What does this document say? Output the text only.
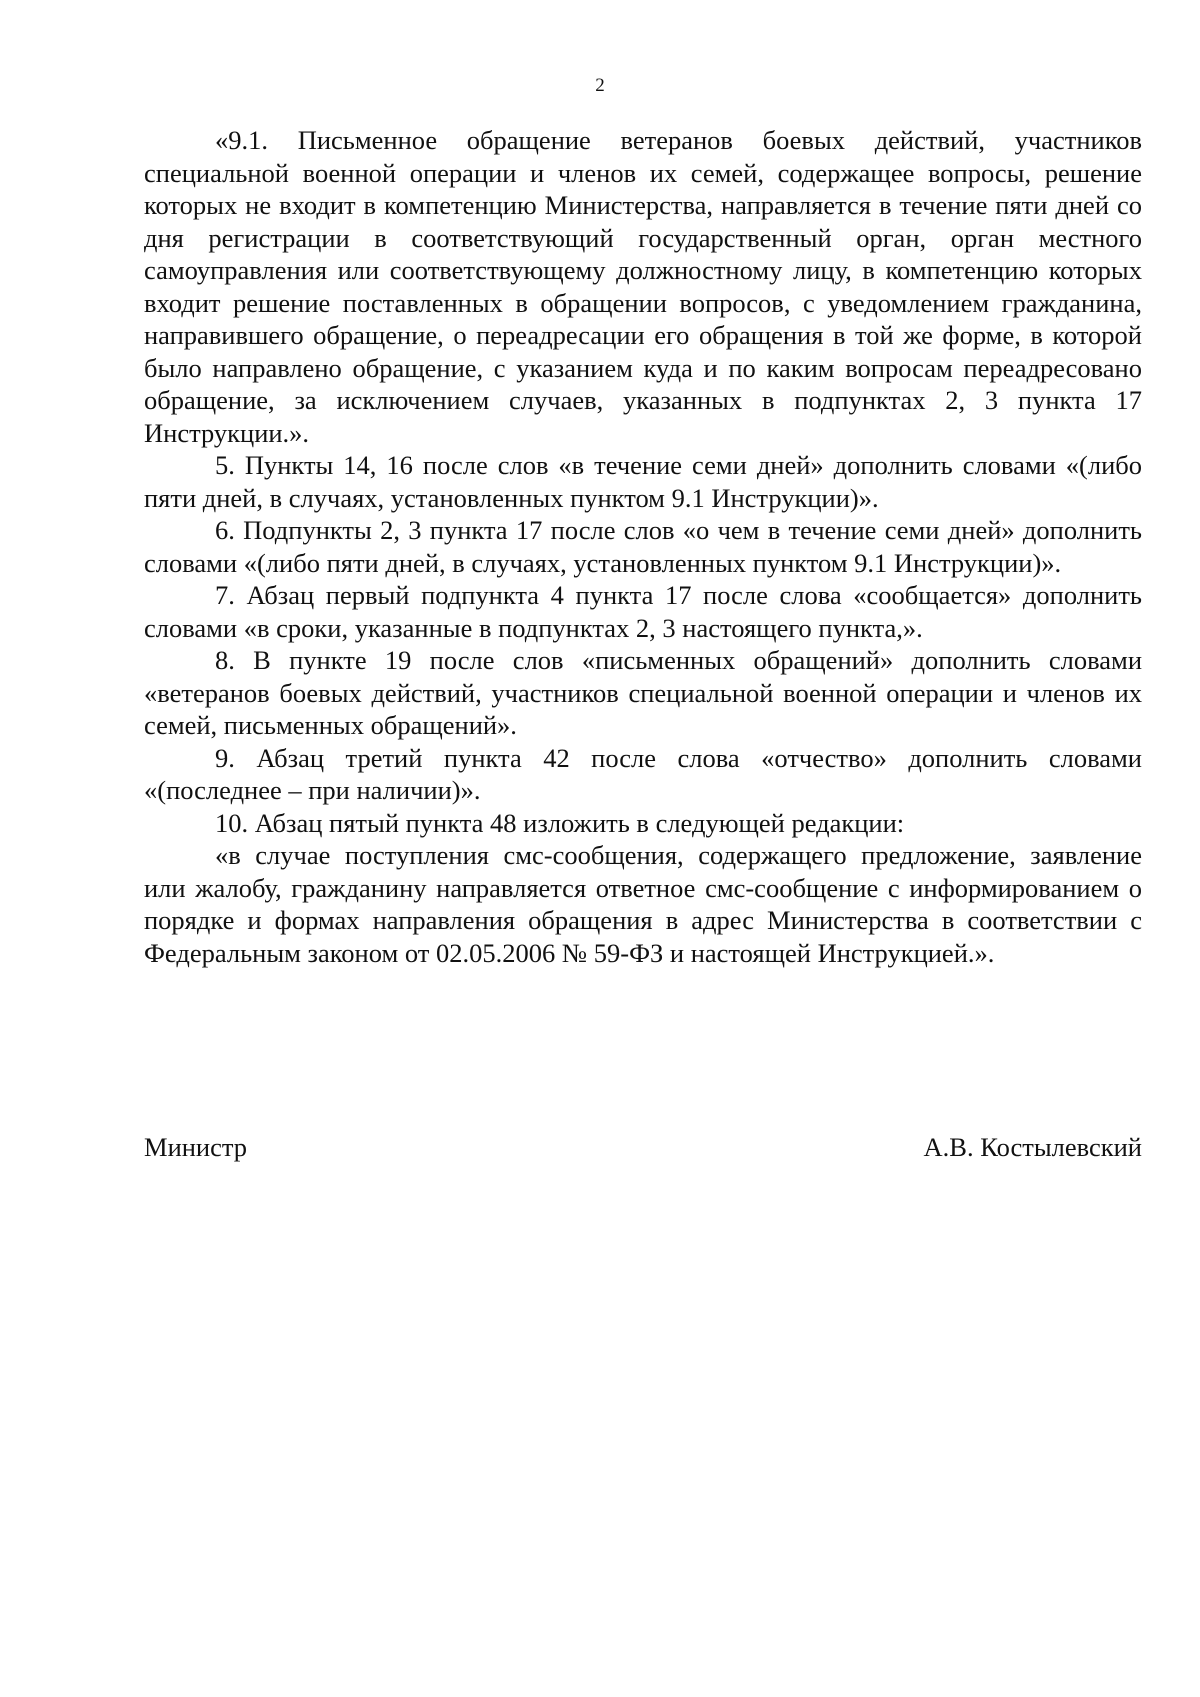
2

«9.1. Письменное обращение ветеранов боевых действий, участников специальной военной операции и членов их семей, содержащее вопросы, решение которых не входит в компетенцию Министерства, направляется в течение пяти дней со дня регистрации в соответствующий государственный орган, орган местного самоуправления или соответствующему должностному лицу, в компетенцию которых входит решение поставленных в обращении вопросов, с уведомлением гражданина, направившего обращение, о переадресации его обращения в той же форме, в которой было направлено обращение, с указанием куда и по каким вопросам переадресовано обращение, за исключением случаев, указанных в подпунктах 2, 3 пункта 17 Инструкции.».

5. Пункты 14, 16 после слов «в течение семи дней» дополнить словами «(либо пяти дней, в случаях, установленных пунктом 9.1 Инструкции)».

6. Подпункты 2, 3 пункта 17 после слов «о чем в течение семи дней» дополнить словами «(либо пяти дней, в случаях, установленных пунктом 9.1 Инструкции)».

7. Абзац первый подпункта 4 пункта 17 после слова «сообщается» дополнить словами «в сроки, указанные в подпунктах 2, 3 настоящего пункта,».

8. В пункте 19 после слов «письменных обращений» дополнить словами «ветеранов боевых действий, участников специальной военной операции и членов их семей, письменных обращений».

9. Абзац третий пункта 42 после слова «отчество» дополнить словами «(последнее – при наличии)».

10. Абзац пятый пункта 48 изложить в следующей редакции:

«в случае поступления смс-сообщения, содержащего предложение, заявление или жалобу, гражданину направляется ответное смс-сообщение с информированием о порядке и формах направления обращения в адрес Министерства в соответствии с Федеральным законом от 02.05.2006 № 59-ФЗ и настоящей Инструкцией.».

Министр	А.В. Костылевский
